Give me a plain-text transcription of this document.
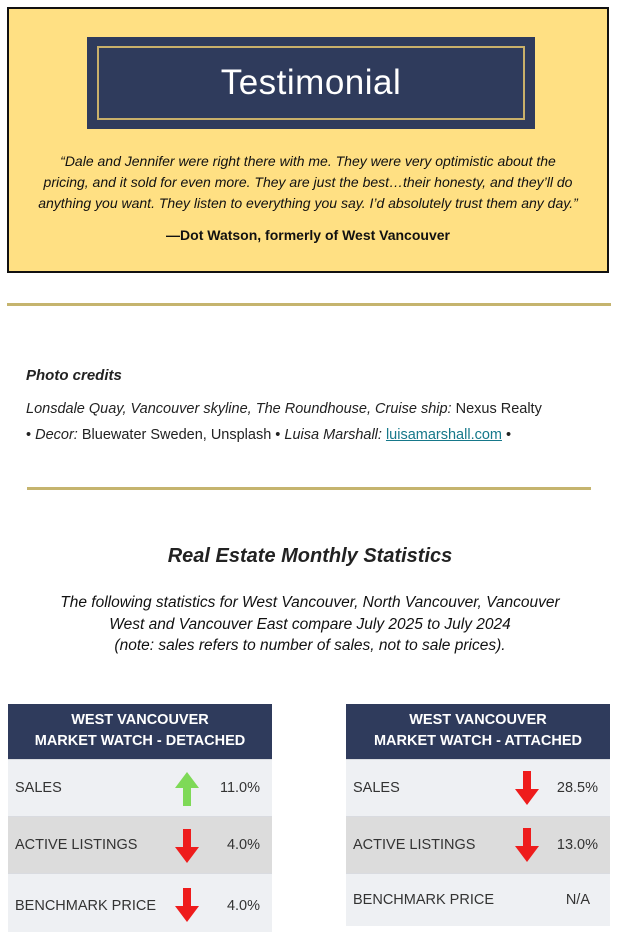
Testimonial
“Dale and Jennifer were right there with me. They were very optimistic about the
pricing, and it sold for even more. They are just the best…their honesty, and they’ll do
anything you want. They listen to everything you say. I’d absolutely trust them any day.”
—Dot Watson, formerly of West Vancouver
Photo credits
Lonsdale Quay, Vancouver skyline, The Roundhouse, Cruise ship: Nexus Realty
• Decor: Bluewater Sweden, Unsplash • Luisa Marshall: luisamarshall.com •
Real Estate Monthly Statistics
The following statistics for West Vancouver, North Vancouver, Vancouver
West and Vancouver East compare July 2025 to July 2024
(note: sales refers to number of sales, not to sale prices).
WEST VANCOUVER
MARKET WATCH - DETACHED
SALES	11.0%
ACTIVE LISTINGS	4.0%
BENCHMARK PRICE	4.0%
WEST VANCOUVER
MARKET WATCH - ATTACHED
SALES	28.5%
ACTIVE LISTINGS	13.0%
BENCHMARK PRICE	N/A
